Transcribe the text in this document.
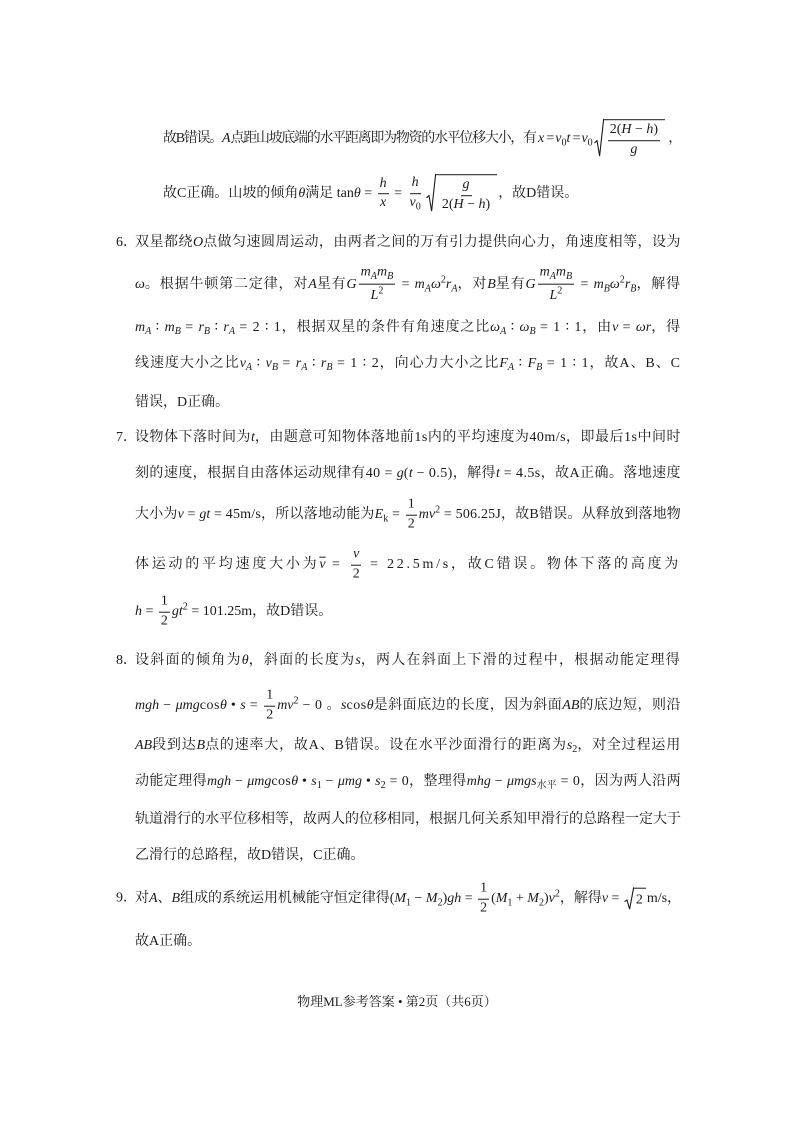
故B错误。A点距山坡底端的水平距离即为物资的水平位移大小，有 $x = v_0t = v_0 \frac{2(H - h)}{g}$ ，
故C正确。山坡的倾角θ满足 $\tan\theta = \frac{h}{x} = \frac{h}{v_0} \frac{g}{2(H - h)}$ ，故D错误。
6．
双星都绕O点做匀速圆周运动，由两者之间的万有引力提供向心力，角速度相等，设为
ω。根据牛顿第二定律，对A星有G $\frac{m_Am_B}{L^2} = m_A\omega^2r_A$，对B星有G $\frac{m_Am_B}{L^2} = m_B\omega^2r_B$，解得
$m_A$ ∶ $m_B = r_B$ ∶ $r_A = 2$ ∶ 1，根据双星的条件有角速度之比$\omega_A$ ∶ $\omega_B = 1$ ∶ 1，由v = ωr，得
线速度大小之比$v_A$ ∶ $v_B = r_A$ ∶ $r_B = 1$ ∶ 2，向心力大小之比$F_A$ ∶ $F_B = 1$ ∶ 1，故A、B、C
错误，D正确。
7．
设物体下落时间为t，由题意可知物体落地前1s内的平均速度为40m/s，即最后1s中间时
刻的速度，根据自由落体运动规律有40 = g(t − 0.5)，解得t = 4.5s，故A正确。落地速度
大小为v = gt = 45m/s，所以落地动能为$E_k = \frac{1}{2} mv^2 = 506.25J$，故B错误。从释放到落地物
体运动的平均速度大小为$\overline{v} = \frac{v}{2} = 22.5m/s$，故C错误。物体下落的高度为
$h = \frac{1}{2} gt^2 = 101.25m$，故D错误。
8．
设斜面的倾角为θ，斜面的长度为s，两人在斜面上下滑的过程中，根据动能定理得
mgh − μmgcosθ • $s = \frac{1}{2} mv^2 - 0$ 。scosθ是斜面底边的长度，因为斜面AB的底边短，则沿
AB段到达B点的速率大，故A、B错误。设在水平沙面滑行的距离为$s_2$，对全过程运用
动能定理得mgh − μmgcosθ • $s_1 - \mu mg$ • $s_2 = 0$，整理得mhg − μmgs$_{水平}$ = 0，因为两人沿两
轨道滑行的水平位移相等，故两人的位移相同，根据几何关系知甲滑行的总路程一定大于
乙滑行的总路程，故D错误，C正确。
9．
对A、B组成的系统运用机械能守恒定律得$(M_1 - M_2)gh = \frac{1}{2} (M_1 + M_2)v^2$，解得v = 2 m/s，
故A正确。
物理ML参考答案 • 第2页（共6页）
